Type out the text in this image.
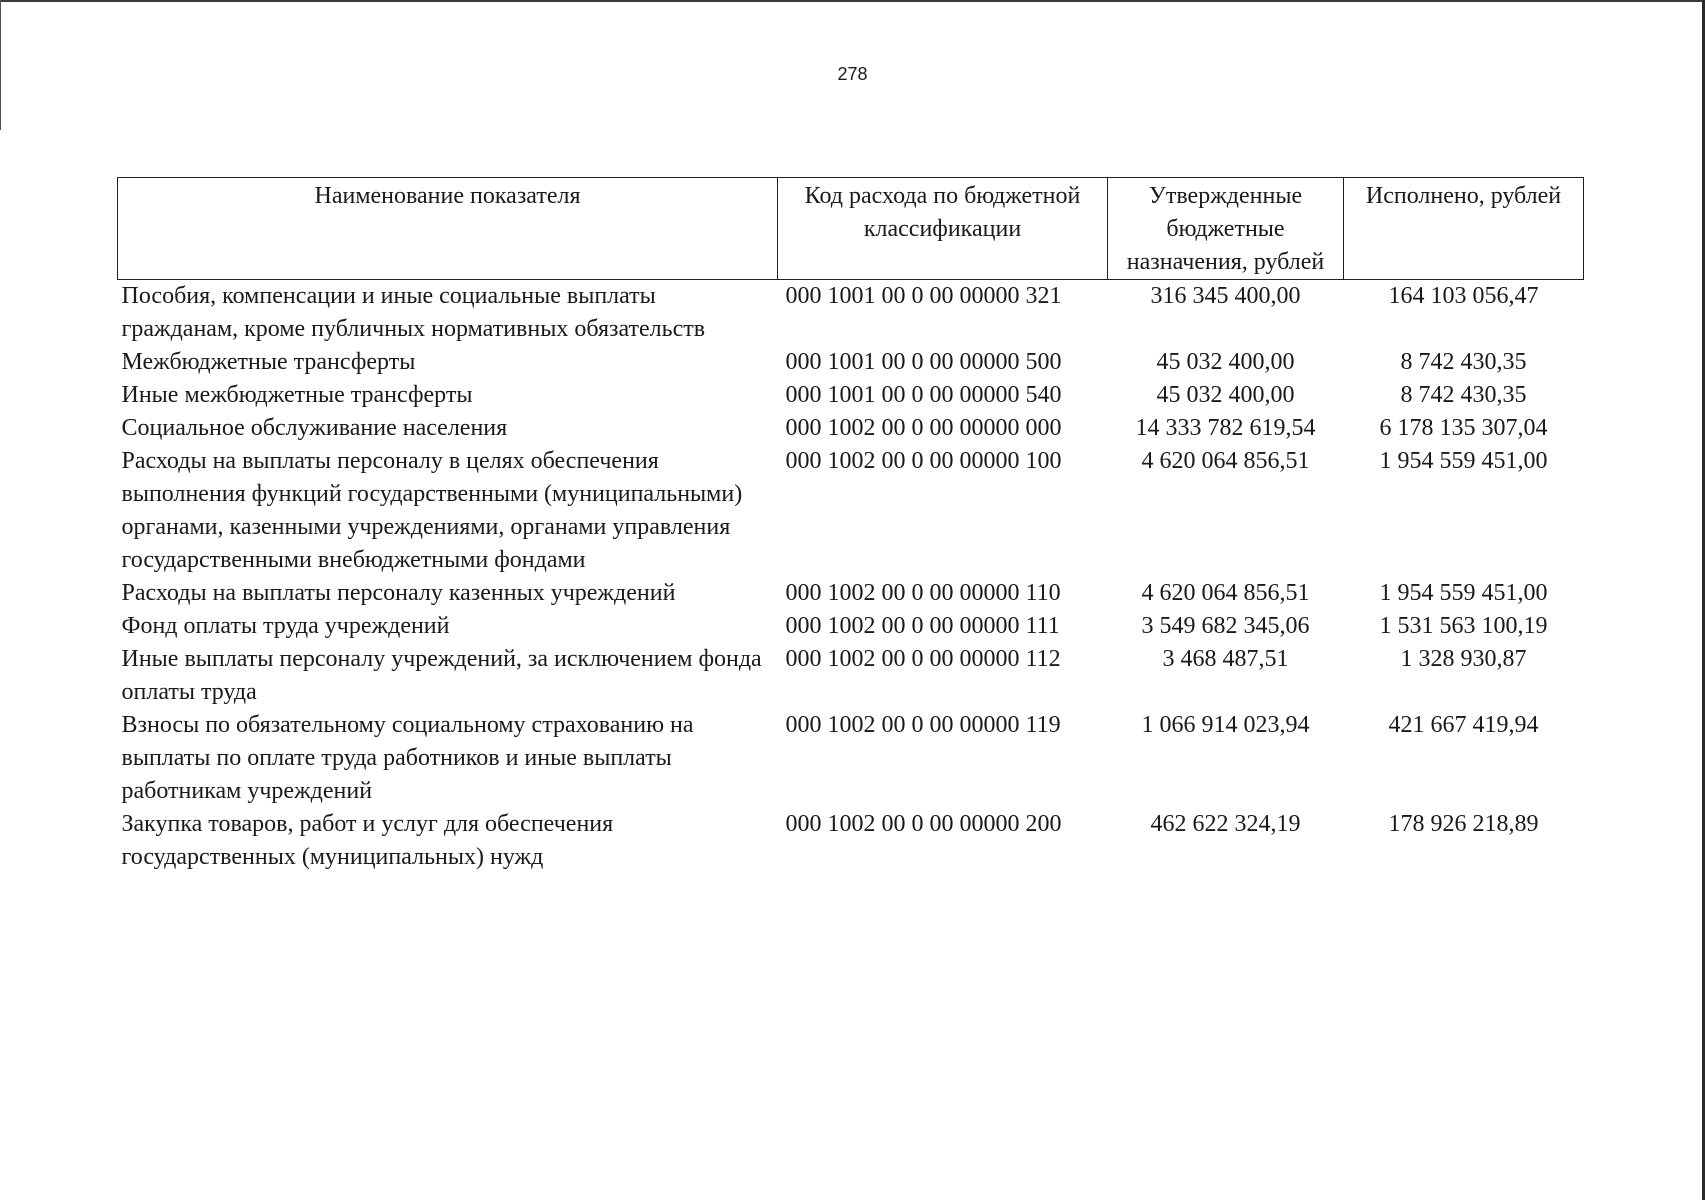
278
Наименование показателя	Код расхода по бюджетной классификации	Утвержденные бюджетные назначения, рублей	Исполнено, рублей
Пособия, компенсации и иные социальные выплаты гражданам, кроме публичных нормативных обязательств	000 1001 00 0 00 00000 321	316 345 400,00	164 103 056,47
Межбюджетные трансферты	000 1001 00 0 00 00000 500	45 032 400,00	8 742 430,35
Иные межбюджетные трансферты	000 1001 00 0 00 00000 540	45 032 400,00	8 742 430,35
Социальное обслуживание населения	000 1002 00 0 00 00000 000	14 333 782 619,54	6 178 135 307,04
Расходы на выплаты персоналу в целях обеспечения выполнения функций государственными (муниципальными) органами, казенными учреждениями, органами управления государственными внебюджетными фондами	000 1002 00 0 00 00000 100	4 620 064 856,51	1 954 559 451,00
Расходы на выплаты персоналу казенных учреждений	000 1002 00 0 00 00000 110	4 620 064 856,51	1 954 559 451,00
Фонд оплаты труда учреждений	000 1002 00 0 00 00000 111	3 549 682 345,06	1 531 563 100,19
Иные выплаты персоналу учреждений, за исключением фонда оплаты труда	000 1002 00 0 00 00000 112	3 468 487,51	1 328 930,87
Взносы по обязательному социальному страхованию на выплаты по оплате труда работников и иные выплаты работникам учреждений	000 1002 00 0 00 00000 119	1 066 914 023,94	421 667 419,94
Закупка товаров, работ и услуг для обеспечения государственных (муниципальных) нужд	000 1002 00 0 00 00000 200	462 622 324,19	178 926 218,89
